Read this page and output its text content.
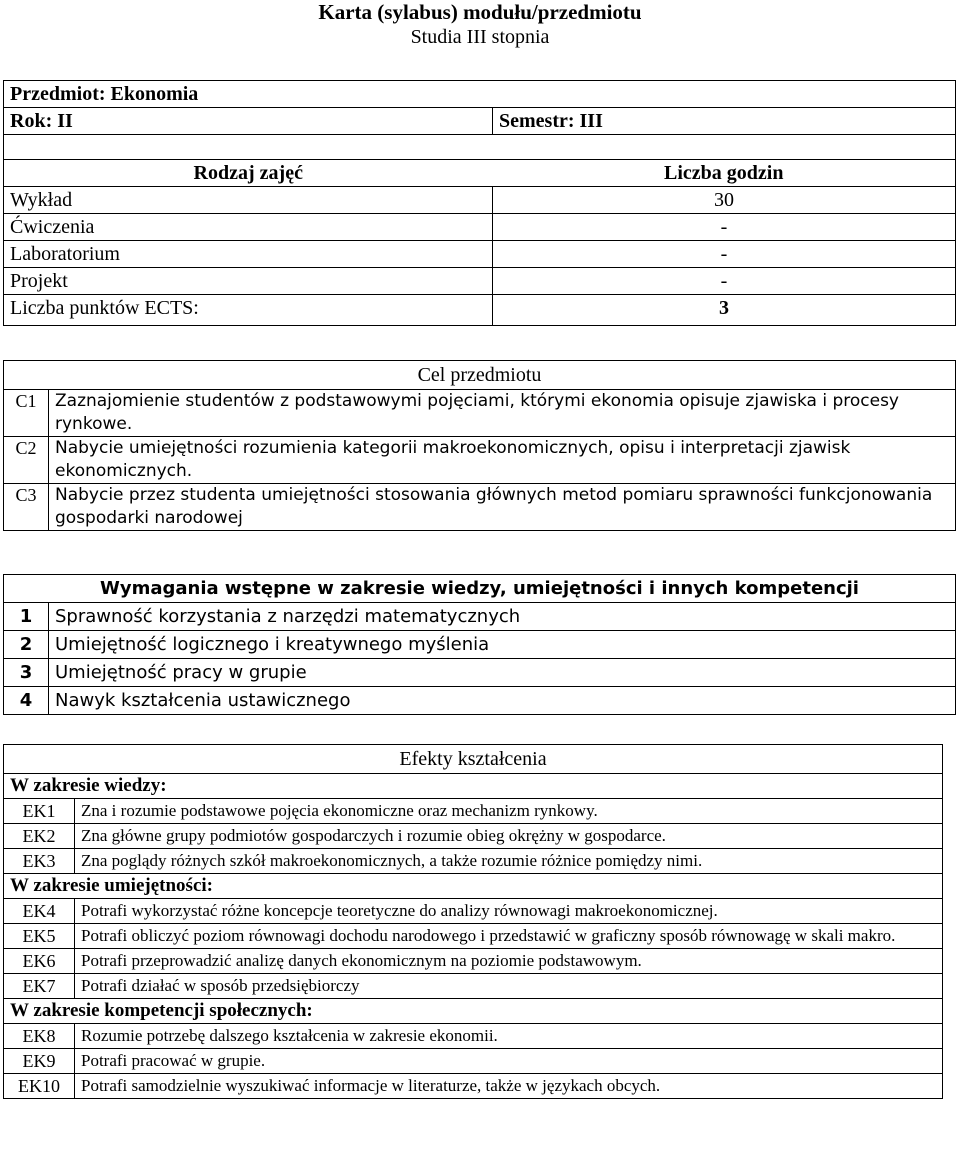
Karta (sylabus) modułu/przedmiotu
Studia III stopnia
Przedmiot: Ekonomia	
Rok: II	Semestr: III

Rodzaj zajęć	Liczba godzin
Wykład	30
Ćwiczenia	-
Laboratorium	-
Projekt	-
Liczba punktów ECTS:	3
Cel przedmiotu	
C1	Zaznajomienie studentów z podstawowymi pojęciami, którymi ekonomia opisuje zjawiska i procesy rynkowe.
C2	Nabycie umiejętności rozumienia kategorii makroekonomicznych, opisu i interpretacji zjawisk ekonomicznych.
C3	Nabycie przez studenta umiejętności stosowania głównych metod pomiaru sprawności funkcjonowania gospodarki narodowej
Wymagania wstępne w zakresie wiedzy, umiejętności i innych kompetencji	
1	Sprawność korzystania z narzędzi matematycznych
2	Umiejętność logicznego i kreatywnego myślenia
3	Umiejętność pracy w grupie
4	Nawyk kształcenia ustawicznego
Efekty kształcenia	
W zakresie wiedzy:	
EK1	Zna i rozumie podstawowe pojęcia ekonomiczne oraz mechanizm rynkowy.
EK2	Zna główne grupy podmiotów gospodarczych i rozumie obieg okrężny w gospodarce.
EK3	Zna poglądy różnych szkół makroekonomicznych, a także rozumie różnice pomiędzy nimi.
W zakresie umiejętności:	
EK4	Potrafi wykorzystać różne koncepcje teoretyczne do analizy równowagi makroekonomicznej.
EK5	Potrafi obliczyć poziom równowagi dochodu narodowego i przedstawić w graficzny sposób równowagę w skali makro.
EK6	Potrafi przeprowadzić analizę danych ekonomicznym na poziomie podstawowym.
EK7	Potrafi działać w sposób przedsiębiorczy
W zakresie kompetencji społecznych:	
EK8	Rozumie potrzebę dalszego kształcenia w zakresie ekonomii.
EK9	Potrafi pracować w grupie.
EK10	Potrafi samodzielnie wyszukiwać informacje w literaturze, także w językach obcych.
